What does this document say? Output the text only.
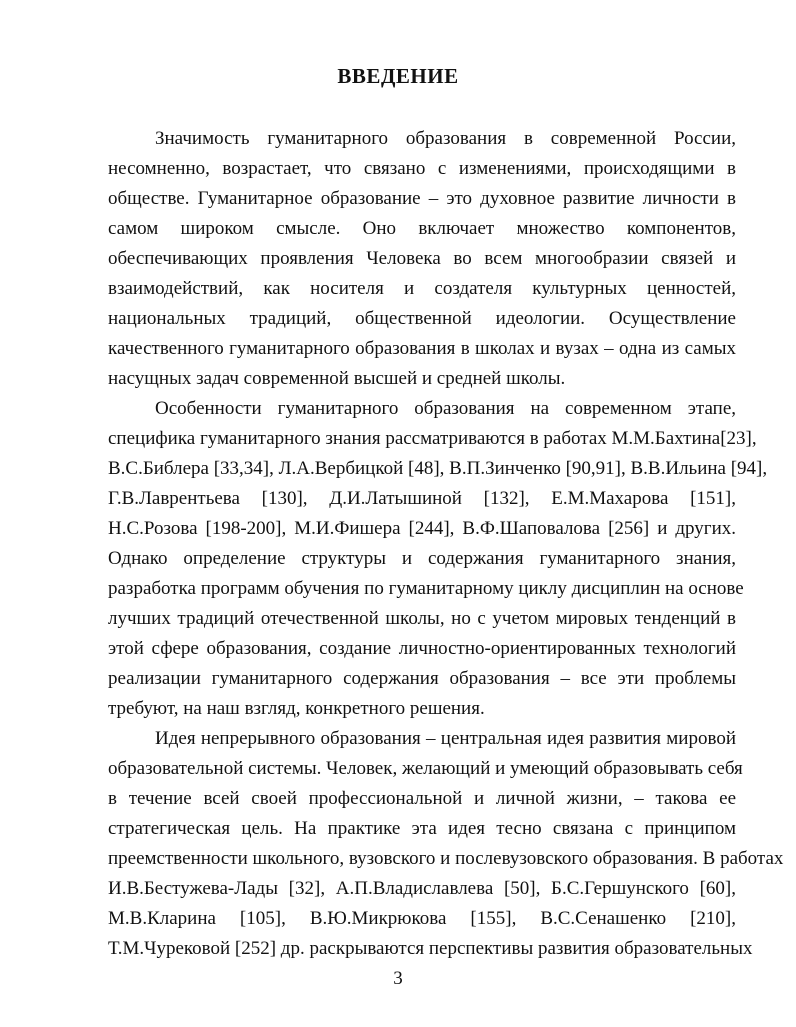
ВВЕДЕНИЕ

Значимость гуманитарного образования в современной России,
несомненно, возрастает, что связано с изменениями, происходящими в
обществе. Гуманитарное образование – это духовное развитие личности в
самом широком смысле. Оно включает множество компонентов,
обеспечивающих проявления Человека во всем многообразии связей и
взаимодействий, как носителя и создателя культурных ценностей,
национальных традиций, общественной идеологии. Осуществление
качественного гуманитарного образования в школах и вузах – одна из самых
насущных задач современной высшей и средней школы.

Особенности гуманитарного образования на современном этапе,
специфика гуманитарного знания рассматриваются в работах М.М.Бахтина[23],
В.С.Библера [33,34], Л.А.Вербицкой [48], В.П.Зинченко [90,91], В.В.Ильина [94],
Г.В.Лаврентьева [130], Д.И.Латышиной [132], Е.М.Махарова [151],
Н.С.Розова [198-200], М.И.Фишера [244], В.Ф.Шаповалова [256] и других.
Однако определение структуры и содержания гуманитарного знания,
разработка программ обучения по гуманитарному циклу дисциплин на основе
лучших традиций отечественной школы, но с учетом мировых тенденций в
этой сфере образования, создание личностно-ориентированных технологий
реализации гуманитарного содержания образования – все эти проблемы
требуют, на наш взгляд, конкретного решения.

Идея непрерывного образования – центральная идея развития мировой
образовательной системы. Человек, желающий и умеющий образовывать себя
в течение всей своей профессиональной и личной жизни, – такова ее
стратегическая цель. На практике эта идея тесно связана с принципом
преемственности школьного, вузовского и послевузовского образования. В работах
И.В.Бестужева-Лады [32], А.П.Владиславлева [50], Б.С.Гершунского [60],
М.В.Кларина [105], В.Ю.Микрюкова [155], В.С.Сенашенко [210],
Т.М.Чурековой [252] др. раскрываются перспективы развития образовательных

3
